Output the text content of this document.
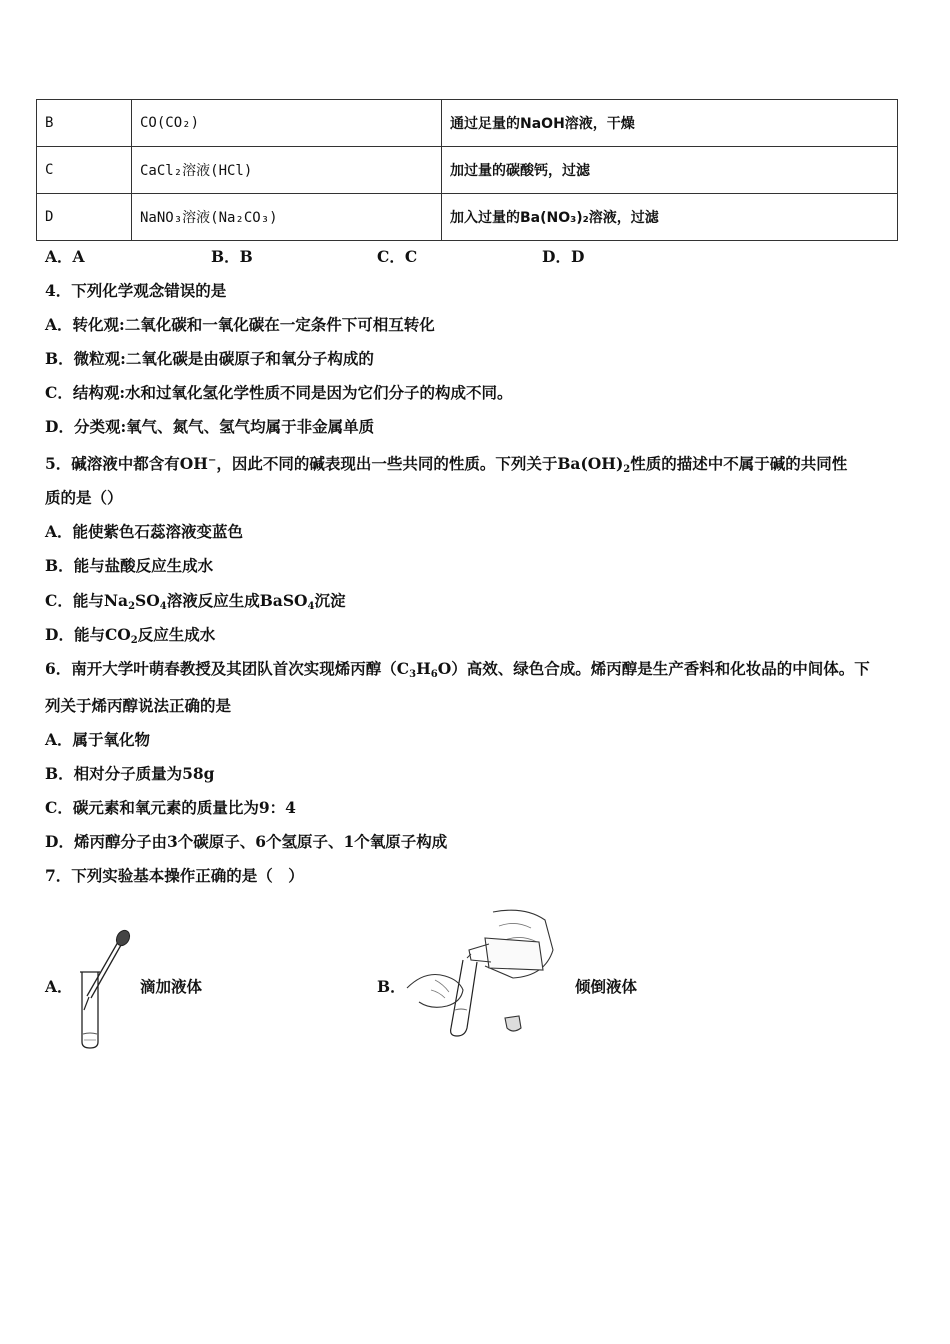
B	CO(CO₂)	通过足量的NaOH溶液，干燥
C	CaCl₂溶液(HCl)	加过量的碳酸钙，过滤
D	NaNO₃溶液(Na₂CO₃)	加入过量的Ba(NO₃)₂溶液，过滤
A．A	B．B	C．C	D．D
4．下列化学观念错误的是
A．转化观:二氧化碳和一氧化碳在一定条件下可相互转化
B．微粒观:二氧化碳是由碳原子和氧分子构成的
C．结构观:水和过氧化氢化学性质不同是因为它们分子的构成不同。
D．分类观:氧气、氮气、氢气均属于非金属单质
5．碱溶液中都含有OH−，因此不同的碱表现出一些共同的性质。下列关于$Ba(OH)_2$性质的描述中不属于碱的共同性
质的是（）
A．能使紫色石蕊溶液变蓝色
B．能与盐酸反应生成水
C．能与$Na_2SO_4$溶液反应生成BaSO$_4$沉淀
D．能与$CO_2$反应生成水
6．南开大学叶萌春教授及其团队首次实现烯丙醇$(C_3H_6O)$高效、绿色合成。烯丙醇是生产香料和化妆品的中间体。下
列关于烯丙醇说法正确的是
A．属于氧化物
B．相对分子质量为58g
C．碳元素和氧元素的质量比为9：4
D．烯丙醇分子由3个碳原子、6个氢原子、1个氧原子构成
7．下列实验基本操作正确的是（　）
A．	滴加液体	B．	倾倒液体
